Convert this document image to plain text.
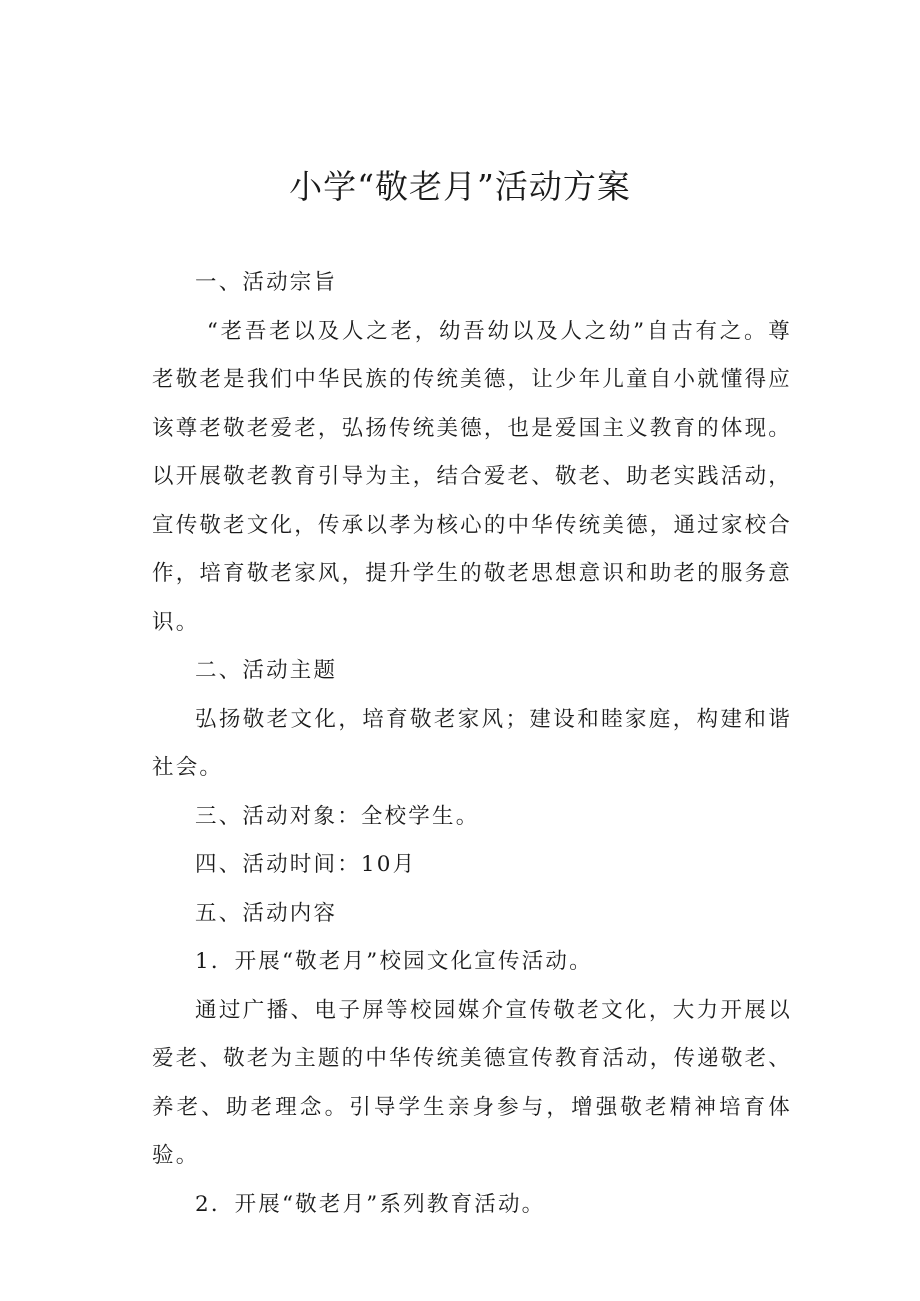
小学“敬老月”活动方案

一、活动宗旨

“老吾老以及人之老，幼吾幼以及人之幼”自古有之。尊老敬老是我们中华民族的传统美德，让少年儿童自小就懂得应该尊老敬老爱老，弘扬传统美德，也是爱国主义教育的体现。以开展敬老教育引导为主，结合爱老、敬老、助老实践活动，宣传敬老文化，传承以孝为核心的中华传统美德，通过家校合作，培育敬老家风，提升学生的敬老思想意识和助老的服务意识。

二、活动主题

弘扬敬老文化，培育敬老家风；建设和睦家庭，构建和谐社会。

三、活动对象：全校学生。

四、活动时间：10月

五、活动内容

1．开展“敬老月”校园文化宣传活动。

通过广播、电子屏等校园媒介宣传敬老文化，大力开展以爱老、敬老为主题的中华传统美德宣传教育活动，传递敬老、养老、助老理念。引导学生亲身参与，增强敬老精神培育体验。

2．开展“敬老月”系列教育活动。
